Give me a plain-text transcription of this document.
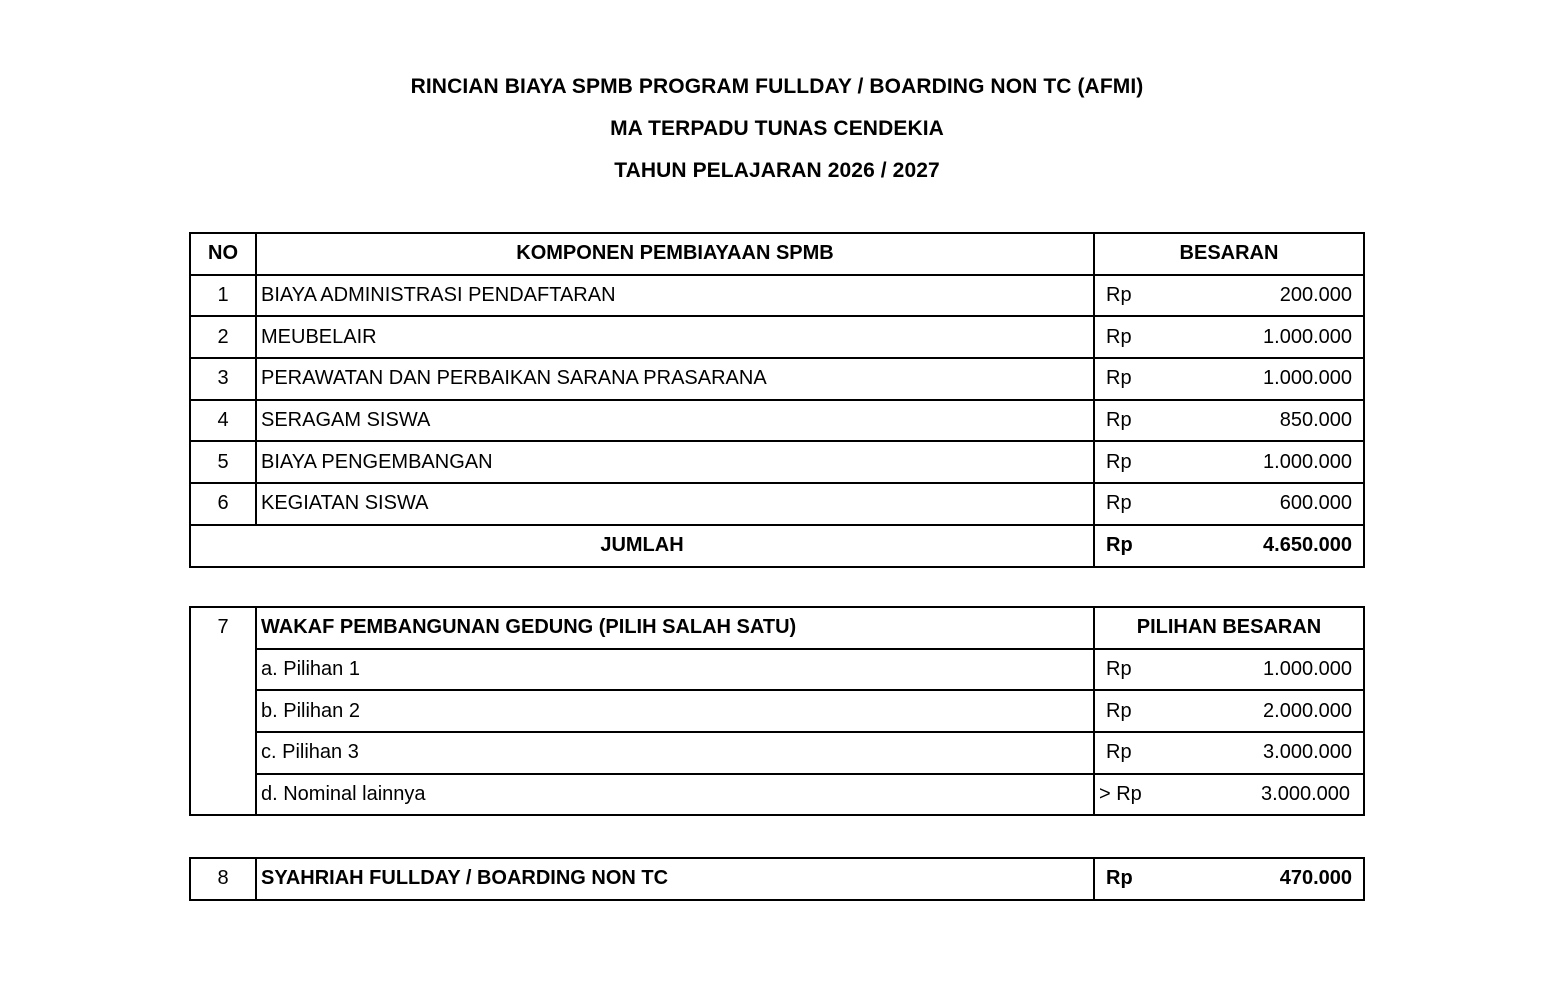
RINCIAN BIAYA SPMB PROGRAM FULLDAY / BOARDING NON TC (AFMI)
MA TERPADU TUNAS CENDEKIA
TAHUN PELAJARAN 2026 / 2027
NO	KOMPONEN PEMBIAYAAN SPMB	BESARAN
1	BIAYA ADMINISTRASI PENDAFTARAN	Rp 200.000

2	MEUBELAIR	Rp 1.000.000

3	PERAWATAN DAN PERBAIKAN SARANA PRASARANA	Rp 1.000.000

4	SERAGAM SISWA	Rp 850.000

5	BIAYA PENGEMBANGAN	Rp 1.000.000

6	KEGIATAN SISWA	Rp 600.000

JUMLAH		Rp 4.650.000
7	WAKAF PEMBANGUNAN GEDUNG (PILIH SALAH SATU)	PILIHAN BESARAN
	a. Pilihan 1	Rp 1.000.000

	b. Pilihan 2	Rp 2.000.000

	c. Pilihan 3	Rp 3.000.000

	d. Nominal lainnya	> Rp 3.000.000
8	SYAHRIAH FULLDAY / BOARDING NON TC	Rp	470.000
